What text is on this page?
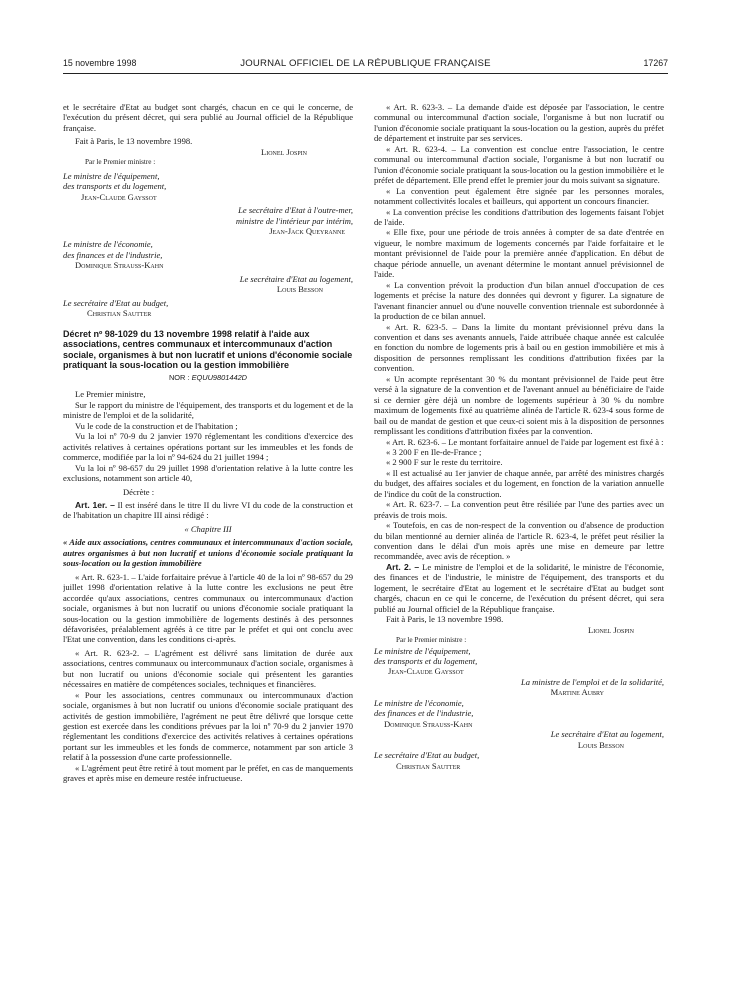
15 novembre 1998	JOURNAL OFFICIEL DE LA RÉPUBLIQUE FRANÇAISE	17267
et le secrétaire d'Etat au budget sont chargés, chacun en ce qui le concerne, de l'exécution du présent décret, qui sera publié au Journal officiel de la République française.
Fait à Paris, le 13 novembre 1998.
Lionel Jospin
Par le Premier ministre :
Le ministre de l'équipement,
des transports et du logement,
Jean-Claude Gayssot
Le secrétaire d'Etat à l'outre-mer,
ministre de l'intérieur par intérim,
Jean-Jack Queyranne
Le ministre de l'économie,
des finances et de l'industrie,
Dominique Strauss-Kahn
Le secrétaire d'Etat au logement,
Louis Besson
Le secrétaire d'Etat au budget,
Christian Sautter
Décret nº 98-1029 du 13 novembre 1998 relatif à l'aide aux associations, centres communaux et intercommunaux d'action sociale, organismes à but non lucratif et unions d'économie sociale pratiquant la sous-location ou la gestion immobilière
NOR : EQUU9801442D
Le Premier ministre,
Sur le rapport du ministre de l'équipement, des transports et du logement et de la ministre de l'emploi et de la solidarité,
Vu le code de la construction et de l'habitation ;
Vu la loi nº 70-9 du 2 janvier 1970 réglementant les conditions d'exercice des activités relatives à certaines opérations portant sur les immeubles et les fonds de commerce, modifiée par la loi nº 94-624 du 21 juillet 1994 ;
Vu la loi nº 98-657 du 29 juillet 1998 d'orientation relative à la lutte contre les exclusions, notamment son article 40,
Décrète :
Art. 1er. – Il est inséré dans le titre II du livre VI du code de la construction et de l'habitation un chapitre III ainsi rédigé :
« Chapitre III
« Aide aux associations, centres communaux et intercommunaux d'action sociale, autres organismes à but non lucratif et unions d'économie sociale pratiquant la sous-location ou la gestion immobilière
« Art. R. 623-1. – L'aide forfaitaire prévue à l'article 40 de la loi nº 98-657 du 29 juillet 1998 d'orientation relative à la lutte contre les exclusions ne peut être accordée qu'aux associations, centres communaux ou intercommunaux d'action sociale, organismes à but non lucratif ou unions d'économie sociale pratiquant la sous-location ou la gestion immobilière de logements destinés à des personnes défavorisées, préalablement agréés à ce titre par le préfet et qui ont conclu avec l'Etat une convention, dans les conditions ci-après.
« Art. R. 623-2. – L'agrément est délivré sans limitation de durée aux associations, centres communaux ou intercommunaux d'action sociale, organismes à but non lucratif ou unions d'économie sociale qui présentent les garanties nécessaires en matière de compétences sociales, techniques et financières.
« Pour les associations, centres communaux ou intercommunaux d'action sociale, organismes à but non lucratif ou unions d'économie sociale pratiquant des activités de gestion immobilière, l'agrément ne peut être délivré que lorsque cette gestion est exercée dans les conditions prévues par la loi nº 70-9 du 2 janvier 1970 réglementant les conditions d'exercice des activités relatives à certaines opérations portant sur les immeubles et les fonds de commerce, notamment par son article 3 relatif à la possession d'une carte professionnelle.
« L'agrément peut être retiré à tout moment par le préfet, en cas de manquements graves et après mise en demeure restée infructueuse.
« Art. R. 623-3. – La demande d'aide est déposée par l'association, le centre communal ou intercommunal d'action sociale, l'organisme à but non lucratif ou l'union d'économie sociale pratiquant la sous-location ou la gestion, auprès du préfet de département et instruite par ses services.
« Art. R. 623-4. – La convention est conclue entre l'association, le centre communal ou intercommunal d'action sociale, l'organisme à but non lucratif ou l'union d'économie sociale pratiquant la sous-location ou la gestion immobilière et le préfet de département. Elle prend effet le premier jour du mois suivant sa signature.
« La convention peut également être signée par les personnes morales, notamment collectivités locales et bailleurs, qui apportent un concours financier.
« La convention précise les conditions d'attribution des logements faisant l'objet de l'aide.
« Elle fixe, pour une période de trois années à compter de sa date d'entrée en vigueur, le nombre maximum de logements concernés par l'aide forfaitaire et le montant prévisionnel de l'aide pour la première année d'application. En début de chaque période annuelle, un avenant détermine le montant annuel prévisionnel de l'aide.
« La convention prévoit la production d'un bilan annuel d'occupation de ces logements et précise la nature des données qui devront y figurer. La signature de l'avenant financier annuel ou d'une nouvelle convention triennale est subordonnée à la production de ce bilan annuel.
« Art. R. 623-5. – Dans la limite du montant prévisionnel prévu dans la convention et dans ses avenants annuels, l'aide attribuée chaque année est calculée en fonction du nombre de logements pris à bail ou en gestion immobilière et mis à disposition de personnes remplissant les conditions d'attribution fixées par la convention.
« Un acompte représentant 30 % du montant prévisionnel de l'aide peut être versé à la signature de la convention et de l'avenant annuel au bénéficiaire de l'aide si ce dernier gère déjà un nombre de logements supérieur à 30 % du nombre maximum de logements fixé au quatrième alinéa de l'article R. 623-4 sous forme de bail ou de mandat de gestion et que ceux-ci soient mis à la disposition de personnes remplissant les conditions d'attribution fixées par la convention.
« Art. R. 623-6. – Le montant forfaitaire annuel de l'aide par logement est fixé à :
« 3 200 F en Ile-de-France ;
« 2 900 F sur le reste du territoire.
« Il est actualisé au 1er janvier de chaque année, par arrêté des ministres chargés du budget, des affaires sociales et du logement, en fonction de la variation annuelle de l'indice du coût de la construction.
« Art. R. 623-7. – La convention peut être résiliée par l'une des parties avec un préavis de trois mois.
« Toutefois, en cas de non-respect de la convention ou d'absence de production du bilan mentionné au dernier alinéa de l'article R. 623-4, le préfet peut résilier la convention dans le délai d'un mois après une mise en demeure par lettre recommandée, avec avis de réception. »
Art. 2. – Le ministre de l'emploi et de la solidarité, le ministre de l'économie, des finances et de l'industrie, le ministre de l'équipement, des transports et du logement, le secrétaire d'Etat au logement et le secrétaire d'Etat au budget sont chargés, chacun en ce qui le concerne, de l'exécution du présent décret, qui sera publié au Journal officiel de la République française.
Fait à Paris, le 13 novembre 1998.
Lionel Jospin
Par le Premier ministre :
Le ministre de l'équipement,
des transports et du logement,
Jean-Claude Gayssot
La ministre de l'emploi et de la solidarité,
Martine Aubry
Le ministre de l'économie,
des finances et de l'industrie,
Dominique Strauss-Kahn
Le secrétaire d'Etat au logement,
Louis Besson
Le secrétaire d'Etat au budget,
Christian Sautter
